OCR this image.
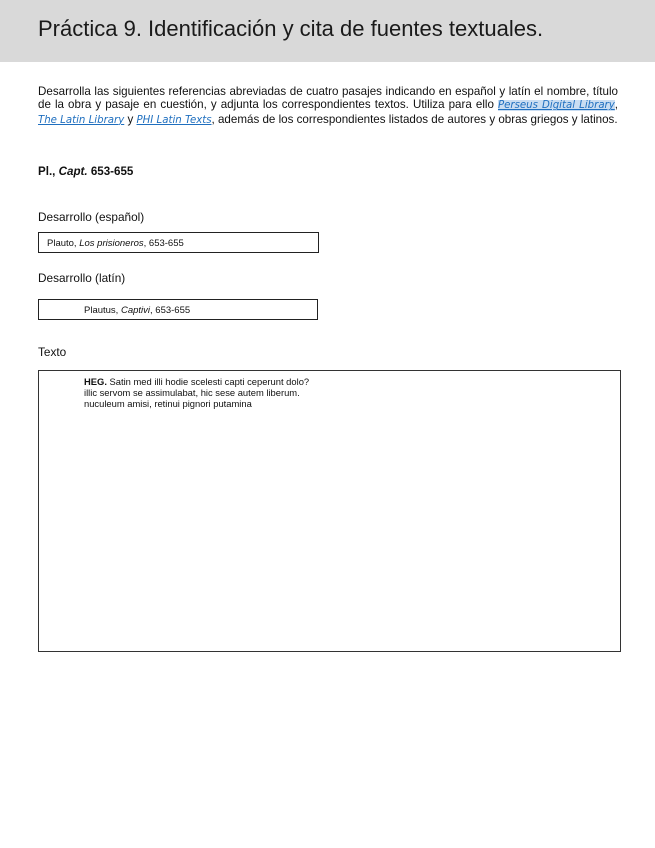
Práctica 9. Identificación y cita de fuentes textuales.

Desarrolla las siguientes referencias abreviadas de cuatro pasajes indicando en español y latín el nombre, título de la obra y pasaje en cuestión, y adjunta los correspondientes textos. Utiliza para ello Perseus Digital Library, The Latin Library y PHI Latin Texts, además de los correspondientes listados de autores y obras griegos y latinos.

Pl., Capt. 653-655

Desarrollo (español)

Plauto, Los prisioneros, 653-655

Desarrollo (latín)

Plautus, Captivi, 653-655

Texto

HEG. Satin med illi hodie scelesti capti ceperunt dolo?
illic servom se assimulabat, hic sese autem liberum.
nuculeum amisi, retinui pignori putamina
